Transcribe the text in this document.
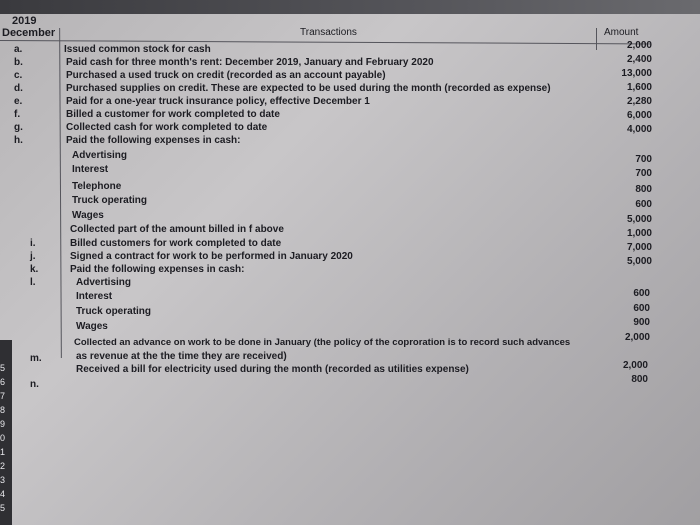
5
6
7
8
9
0
1
2
3
4
5
2019
December	Transactions	Amount
a.
b.
c.
d.
e.
f.
g.
h.
i.
j.
k.
l.
m.
n.
Issued common stock for cash
Paid cash for three month's rent: December 2019, January and February 2020
Purchased a used truck on credit (recorded as an account payable)
Purchased supplies on credit. These are expected to be used during the month (recorded as expense)
Paid for a one-year truck insurance policy, effective December 1
Billed a customer for work completed to date
Collected cash for work completed to date
Paid the following expenses in cash:
Advertising
Interest
Telephone
Truck operating
Wages
Collected part of the amount billed in f above
Billed customers for work completed to date
Signed a contract for work to be performed in January 2020
Paid the following expenses in cash:
Advertising
Interest
Truck operating
Wages
Collected an advance on work to be done in January (the policy of the coproration is to record such advances
as revenue at the the time they are received)
Received a bill for electricity used during the month (recorded as utilities expense)
2,000
2,400
13,000
1,600
2,280
6,000
4,000
700
700
800
600
5,000
1,000
7,000
5,000
600
600
900
2,000
2,000
800
